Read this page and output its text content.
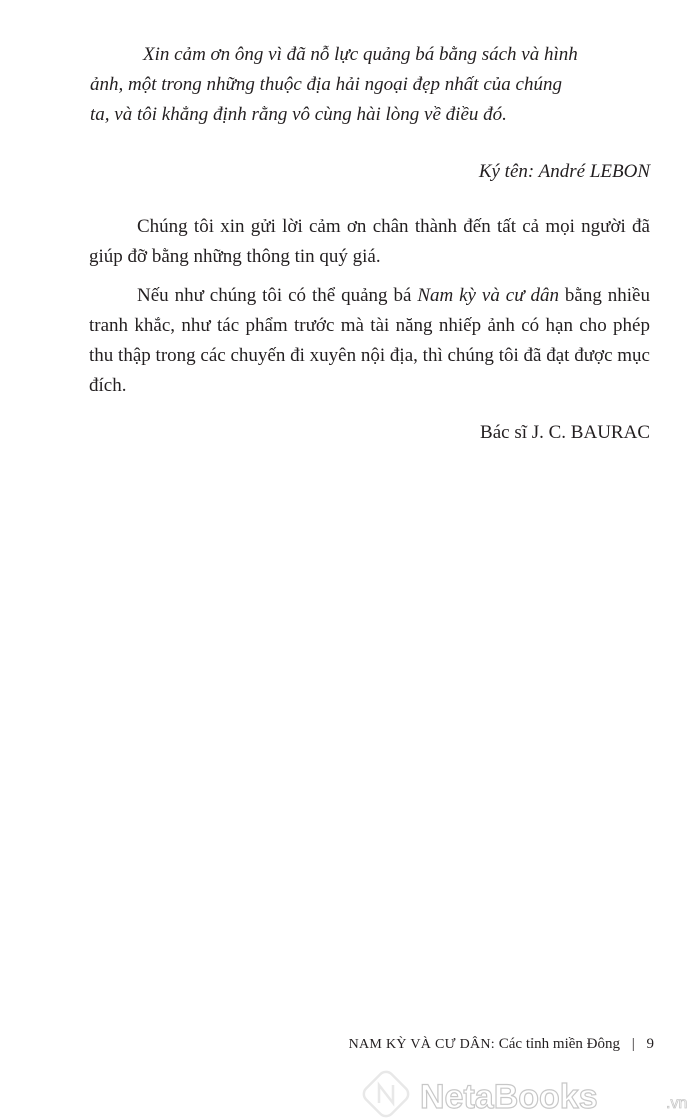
Xin cảm ơn ông vì đã nỗ lực quảng bá bằng sách và hình
ảnh, một trong những thuộc địa hải ngoại đẹp nhất của chúng
ta, và tôi khẳng định rằng vô cùng hài lòng về điều đó.
Ký tên: André LEBON
Chúng tôi xin gửi lời cảm ơn chân thành đến tất cả mọi người đã giúp đỡ bằng những thông tin quý giá.
Nếu như chúng tôi có thể quảng bá Nam kỳ và cư dân bằng nhiều tranh khắc, như tác phẩm trước mà tài năng nhiếp ảnh có hạn cho phép thu thập trong các chuyến đi xuyên nội địa, thì chúng tôi đã đạt được mục đích.
Bác sĩ J. C. BAURAC
NAM KỲ VÀ CƯ DÂN: Các tỉnh miền Đông | 9
NetaBooks	.vn
